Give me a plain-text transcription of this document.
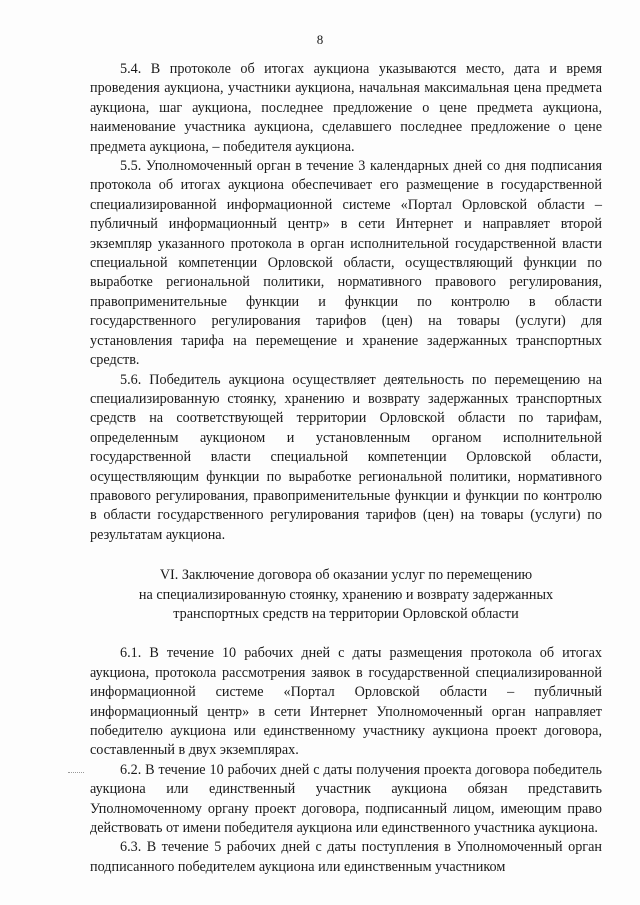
8

5.4. В протоколе об итогах аукциона указываются место, дата и время проведения аукциона, участники аукциона, начальная максимальная цена предмета аукциона, шаг аукциона, последнее предложение о цене предмета аукциона, наименование участника аукциона, сделавшего последнее предложение о цене предмета аукциона, – победителя аукциона.

5.5. Уполномоченный орган в течение 3 календарных дней со дня подписания протокола об итогах аукциона обеспечивает его размещение в государственной специализированной информационной системе «Портал Орловской области – публичный информационный центр» в сети Интернет и направляет второй экземпляр указанного протокола в орган исполнительной государственной власти специальной компетенции Орловской области, осуществляющий функции по выработке региональной политики, нормативного правового регулирования, правоприменительные функции и функции по контролю в области государственного регулирования тарифов (цен) на товары (услуги) для установления тарифа на перемещение и хранение задержанных транспортных средств.

5.6. Победитель аукциона осуществляет деятельность по перемещению на специализированную стоянку, хранению и возврату задержанных транспортных средств на соответствующей территории Орловской области по тарифам, определенным аукционом и установленным органом исполнительной государственной власти специальной компетенции Орловской области, осуществляющим функции по выработке региональной политики, нормативного правового регулирования, правоприменительные функции и функции по контролю в области государственного регулирования тарифов (цен) на товары (услуги) по результатам аукциона.

VI. Заключение договора об оказании услуг по перемещению
на специализированную стоянку, хранению и возврату задержанных
транспортных средств на территории Орловской области

6.1. В течение 10 рабочих дней с даты размещения протокола об итогах аукциона, протокола рассмотрения заявок в государственной специализированной информационной системе «Портал Орловской области – публичный информационный центр» в сети Интернет Уполномоченный орган направляет победителю аукциона или единственному участнику аукциона проект договора, составленный в двух экземплярах.

6.2. В течение 10 рабочих дней с даты получения проекта договора победитель аукциона или единственный участник аукциона обязан представить Уполномоченному органу проект договора, подписанный лицом, имеющим право действовать от имени победителя аукциона или единственного участника аукциона.

6.3. В течение 5 рабочих дней с даты поступления в Уполномоченный орган подписанного победителем аукциона или единственным участником
